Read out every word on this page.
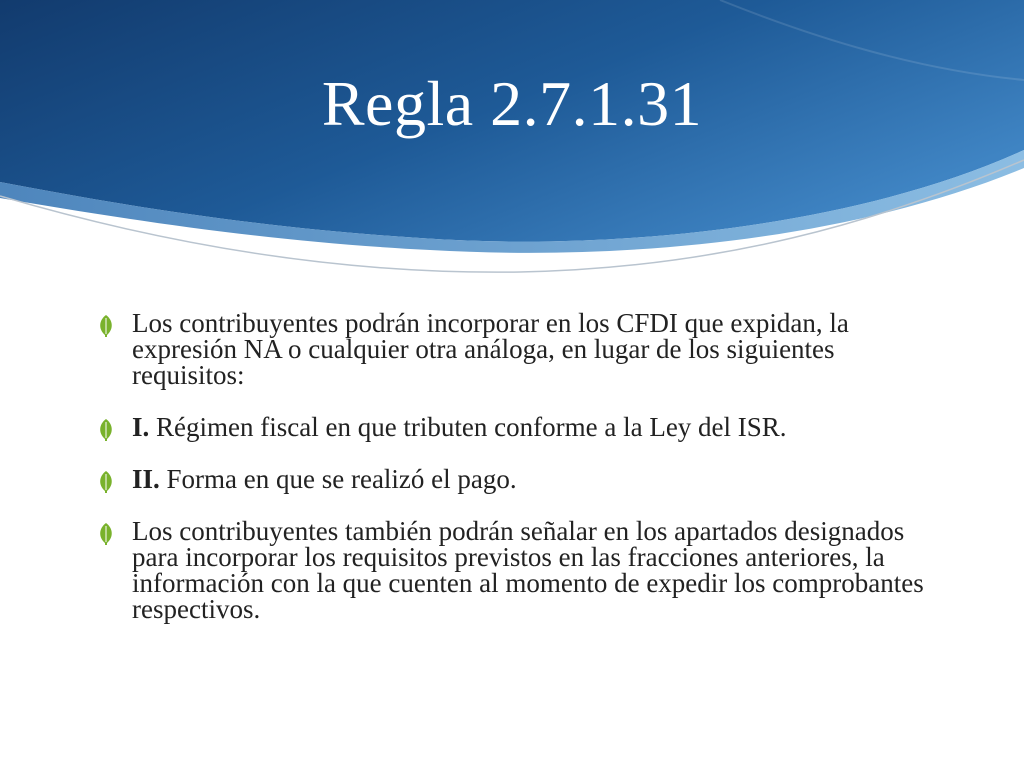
Regla 2.7.1.31
Los contribuyentes podrán incorporar en los CFDI que expidan, la expresión NA o cualquier otra análoga, en lugar de los siguientes requisitos:
I. Régimen fiscal en que tributen conforme a la Ley del ISR.
II. Forma en que se realizó el pago.
Los contribuyentes también podrán señalar en los apartados designados para incorporar los requisitos previstos en las fracciones anteriores, la información con la que cuenten al momento de expedir los comprobantes respectivos.
